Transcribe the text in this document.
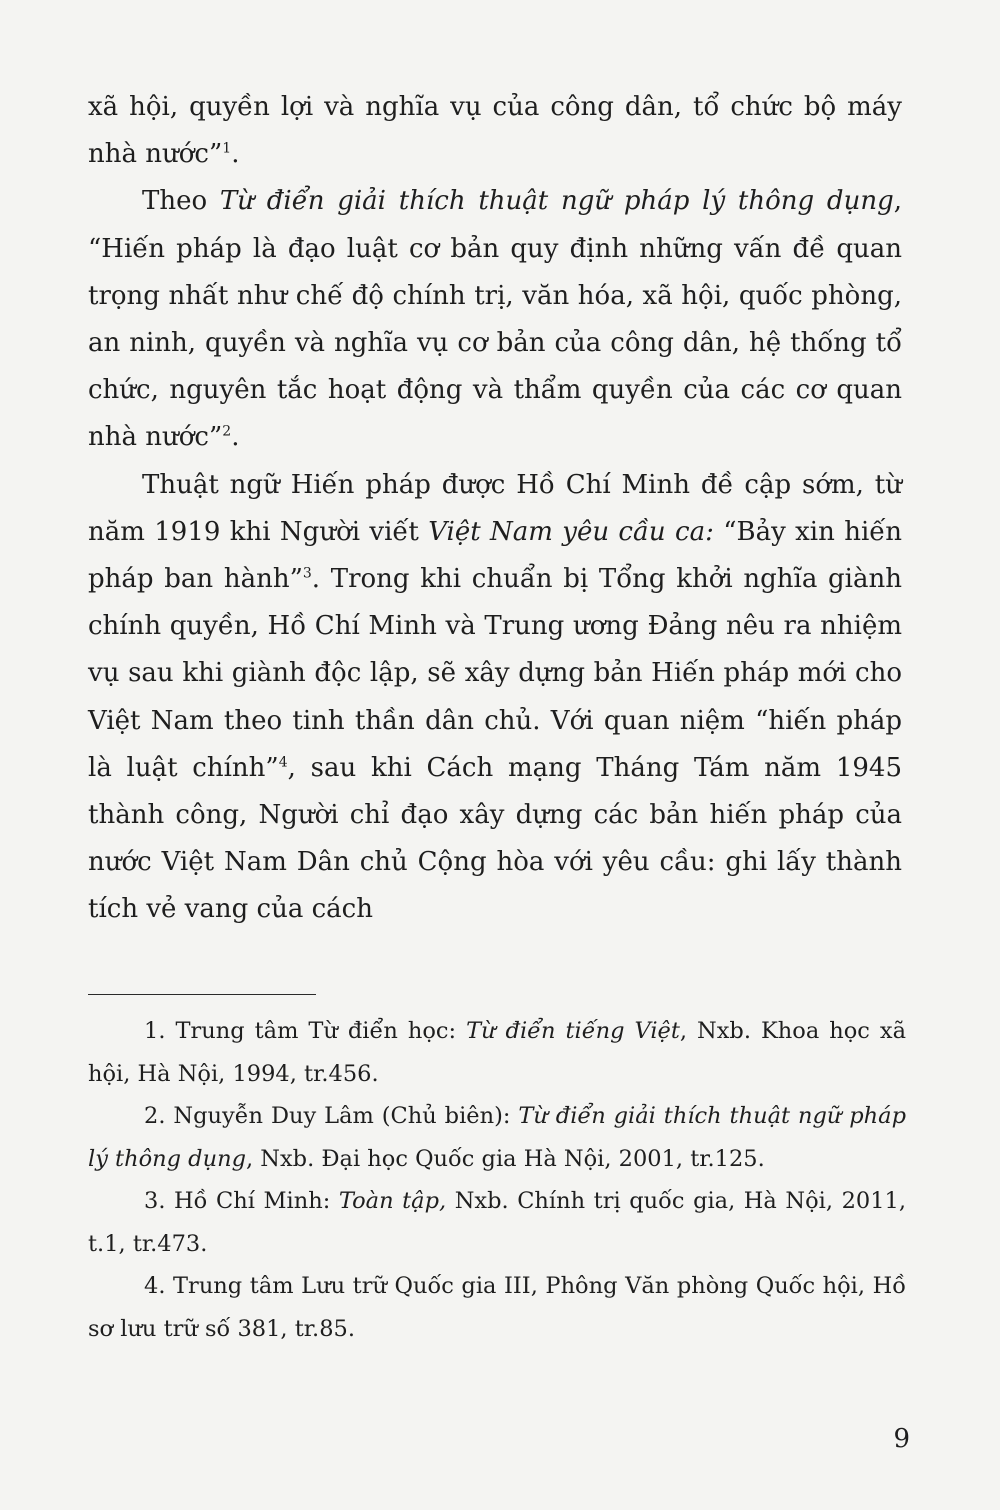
xã hội, quyền lợi và nghĩa vụ của công dân, tổ chức bộ máy nhà nước”$^1$.

Theo Từ điển giải thích thuật ngữ pháp lý thông dụng, “Hiến pháp là đạo luật cơ bản quy định những vấn đề quan trọng nhất như chế độ chính trị, văn hóa, xã hội, quốc phòng, an ninh, quyền và nghĩa vụ cơ bản của công dân, hệ thống tổ chức, nguyên tắc hoạt động và thẩm quyền của các cơ quan nhà nước”$^2$.

Thuật ngữ Hiến pháp được Hồ Chí Minh đề cập sớm, từ năm 1919 khi Người viết Việt Nam yêu cầu ca: “Bảy xin hiến pháp ban hành”$^3$. Trong khi chuẩn bị Tổng khởi nghĩa giành chính quyền, Hồ Chí Minh và Trung ương Đảng nêu ra nhiệm vụ sau khi giành độc lập, sẽ xây dựng bản Hiến pháp mới cho Việt Nam theo tinh thần dân chủ. Với quan niệm “hiến pháp là luật chính”$^4$, sau khi Cách mạng Tháng Tám năm 1945 thành công, Người chỉ đạo xây dựng các bản hiến pháp của nước Việt Nam Dân chủ Cộng hòa với yêu cầu: ghi lấy thành tích vẻ vang của cách

1. Trung tâm Từ điển học: Từ điển tiếng Việt, Nxb. Khoa học xã hội, Hà Nội, 1994, tr.456.

2. Nguyễn Duy Lâm (Chủ biên): Từ điển giải thích thuật ngữ pháp lý thông dụng, Nxb. Đại học Quốc gia Hà Nội, 2001, tr.125.

3. Hồ Chí Minh: Toàn tập, Nxb. Chính trị quốc gia, Hà Nội, 2011, t.1, tr.473.

4. Trung tâm Lưu trữ Quốc gia III, Phông Văn phòng Quốc hội, Hồ sơ lưu trữ số 381, tr.85.

9
